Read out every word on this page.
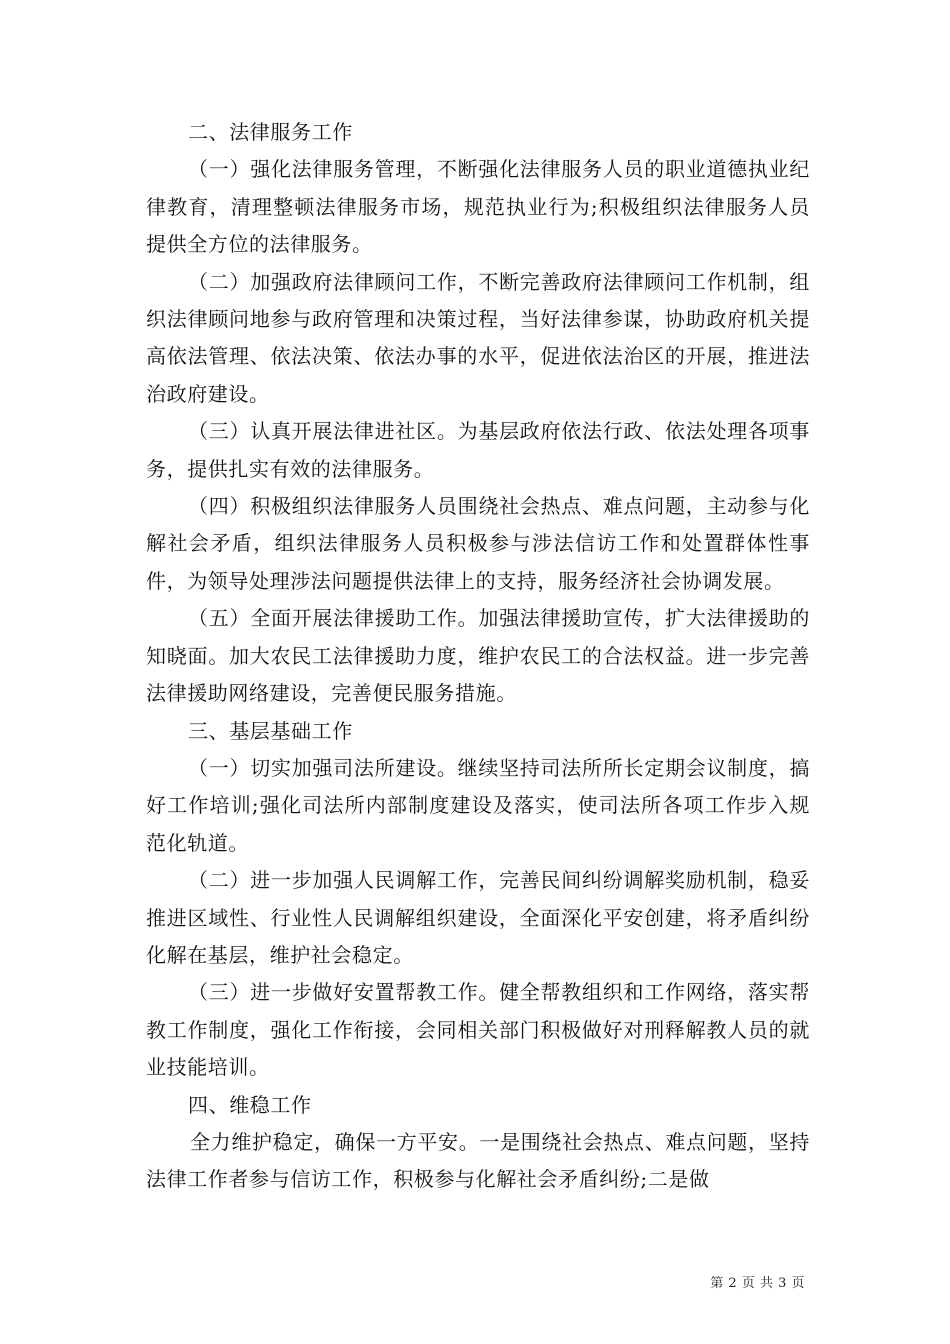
二、法律服务工作

（一）强化法律服务管理，不断强化法律服务人员的职业道德执业纪律教育，清理整顿法律服务市场，规范执业行为;积极组织法律服务人员提供全方位的法律服务。

（二）加强政府法律顾问工作，不断完善政府法律顾问工作机制，组织法律顾问地参与政府管理和决策过程，当好法律参谋，协助政府机关提高依法管理、依法决策、依法办事的水平，促进依法治区的开展，推进法治政府建设。

（三）认真开展法律进社区。为基层政府依法行政、依法处理各项事务，提供扎实有效的法律服务。

（四）积极组织法律服务人员围绕社会热点、难点问题，主动参与化解社会矛盾，组织法律服务人员积极参与涉法信访工作和处置群体性事件，为领导处理涉法问题提供法律上的支持，服务经济社会协调发展。

（五）全面开展法律援助工作。加强法律援助宣传，扩大法律援助的知晓面。加大农民工法律援助力度，维护农民工的合法权益。进一步完善法律援助网络建设，完善便民服务措施。

三、基层基础工作

（一）切实加强司法所建设。继续坚持司法所所长定期会议制度，搞好工作培训;强化司法所内部制度建设及落实，使司法所各项工作步入规范化轨道。

（二）进一步加强人民调解工作，完善民间纠纷调解奖励机制，稳妥推进区域性、行业性人民调解组织建设，全面深化平安创建，将矛盾纠纷化解在基层，维护社会稳定。

（三）进一步做好安置帮教工作。健全帮教组织和工作网络，落实帮教工作制度，强化工作衔接，会同相关部门积极做好对刑释解教人员的就业技能培训。

四、维稳工作

全力维护稳定，确保一方平安。一是围绕社会热点、难点问题，坚持法律工作者参与信访工作，积极参与化解社会矛盾纠纷;二是做

第 2 页 共 3 页
